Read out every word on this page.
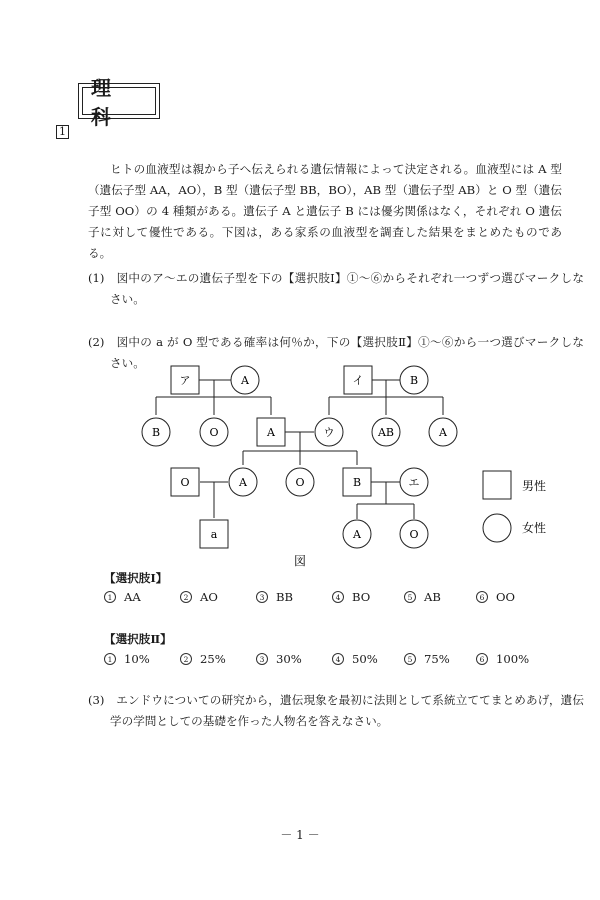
理　科
1
ヒトの血液型は親から子へ伝えられる遺伝情報によって決定される。血液型には A 型（遺伝子型 AA，AO），B 型（遺伝子型 BB，BO），AB 型（遺伝子型 AB）と O 型（遺伝子型 OO）の 4 種類がある。遺伝子 A と遺伝子 B には優劣関係はなく，それぞれ O 遺伝子に対して優性である。下図は，ある家系の血液型を調査した結果をまとめたものである。
(1)　図中のア～エの遺伝子型を下の【選択肢Ⅰ】①～⑥からそれぞれ一つずつ選びマークしなさい。
(2)　図中の a が O 型である確率は何％か，下の【選択肢Ⅱ】①～⑥から一つ選びマークしなさい。
ア	A	イ	B
B	O	A	ウ	AB	A
O	A	O	B	エ
a	A	O
男性
女性
図
【選択肢Ⅰ】
1	AA	2	AO	3	BB	4	BO	5	AB	6	OO
【選択肢Ⅱ】
1	10%	2	25%	3	30%	4	50%	5	75%	6	100%
(3)　エンドウについての研究から，遺伝現象を最初に法則として系統立ててまとめあげ，遺伝学の学問としての基礎を作った人物名を答えなさい。
－ 1 －
